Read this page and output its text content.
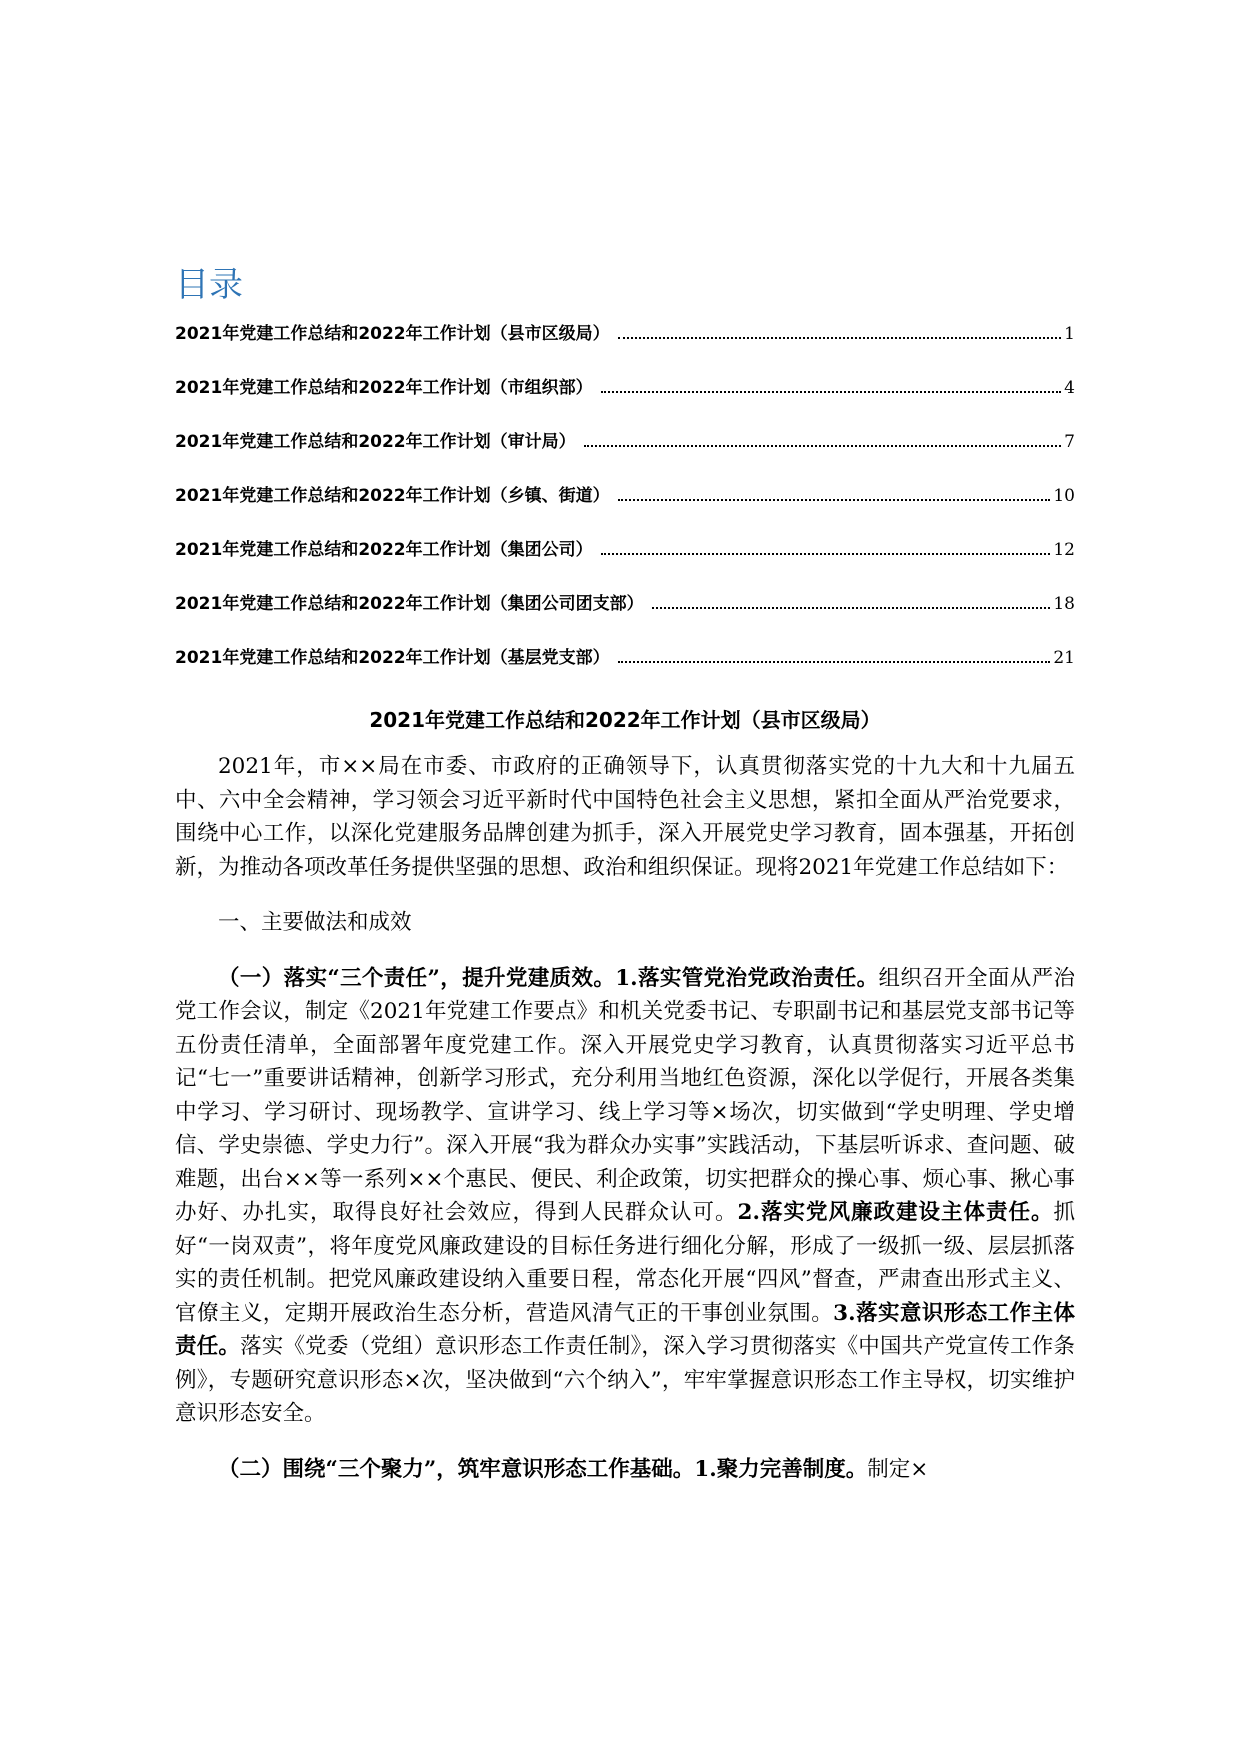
目录
2021年党建工作总结和2022年工作计划（县市区级局）	1
2021年党建工作总结和2022年工作计划（市组织部）	4
2021年党建工作总结和2022年工作计划（审计局）	7
2021年党建工作总结和2022年工作计划（乡镇、街道）	10
2021年党建工作总结和2022年工作计划（集团公司）	12
2021年党建工作总结和2022年工作计划（集团公司团支部）	18
2021年党建工作总结和2022年工作计划（基层党支部）	21
2021年党建工作总结和2022年工作计划（县市区级局）

2021年，市××局在市委、市政府的正确领导下，认真贯彻落实党的十九大和十九届五中、六中全会精神，学习领会习近平新时代中国特色社会主义思想，紧扣全面从严治党要求，围绕中心工作，以深化党建服务品牌创建为抓手，深入开展党史学习教育，固本强基，开拓创新，为推动各项改革任务提供坚强的思想、政治和组织保证。现将2021年党建工作总结如下：

一、主要做法和成效

（一）落实“三个责任”，提升党建质效。1.落实管党治党政治责任。组织召开全面从严治党工作会议，制定《2021年党建工作要点》和机关党委书记、专职副书记和基层党支部书记等五份责任清单，全面部署年度党建工作。深入开展党史学习教育，认真贯彻落实习近平总书记“七一”重要讲话精神，创新学习形式，充分利用当地红色资源，深化以学促行，开展各类集中学习、学习研讨、现场教学、宣讲学习、线上学习等×场次，切实做到“学史明理、学史增信、学史崇德、学史力行”。深入开展“我为群众办实事”实践活动，下基层听诉求、查问题、破难题，出台××等一系列××个惠民、便民、利企政策，切实把群众的操心事、烦心事、揪心事办好、办扎实，取得良好社会效应，得到人民群众认可。2.落实党风廉政建设主体责任。抓好“一岗双责”，将年度党风廉政建设的目标任务进行细化分解，形成了一级抓一级、层层抓落实的责任机制。把党风廉政建设纳入重要日程，常态化开展“四风”督查，严肃查出形式主义、官僚主义，定期开展政治生态分析，营造风清气正的干事创业氛围。3.落实意识形态工作主体责任。落实《党委（党组）意识形态工作责任制》，深入学习贯彻落实《中国共产党宣传工作条例》，专题研究意识形态×次，坚决做到“六个纳入”，牢牢掌握意识形态工作主导权，切实维护意识形态安全。

（二）围绕“三个聚力”，筑牢意识形态工作基础。1.聚力完善制度。制定×
